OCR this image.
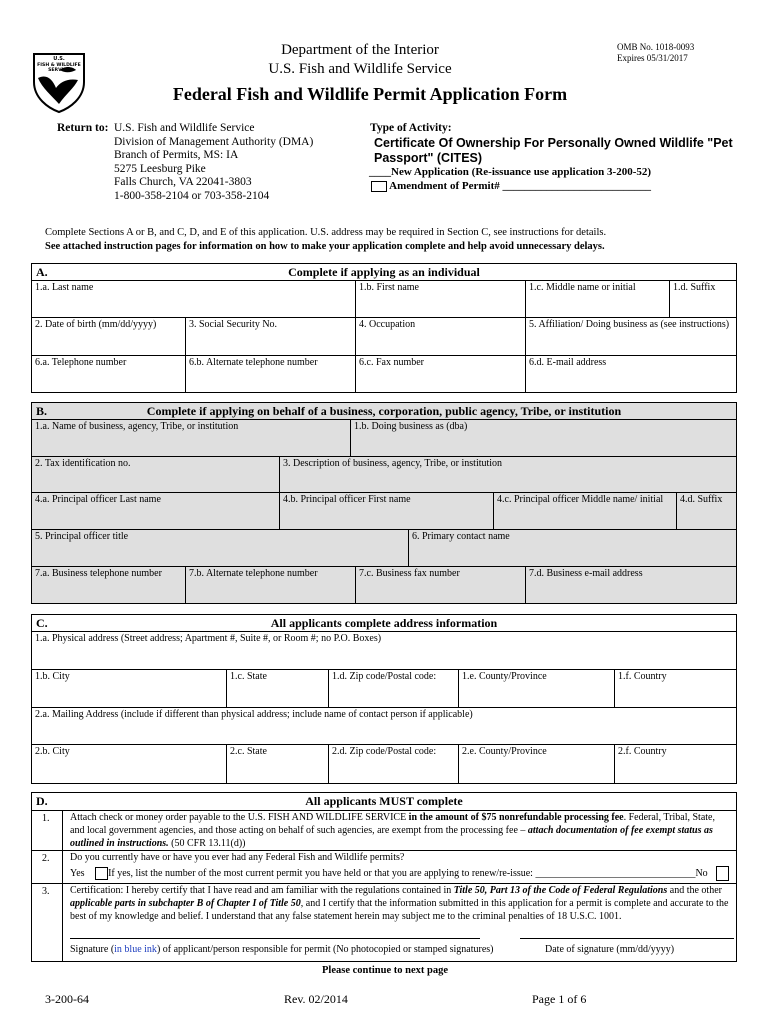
U.S.
FISH & WILDLIFE
SERVICE
Department of the Interior
U.S. Fish and Wildlife Service
OMB No. 1018-0093
Expires 05/31/2017
Federal Fish and Wildlife Permit Application Form
Return to: U.S. Fish and Wildlife Service
Division of Management Authority (DMA)
Branch of Permits, MS: IA
5275 Leesburg Pike
Falls Church, VA 22041-3803
1-800-358-2104 or 703-358-2104
Type of Activity:
Certificate Of Ownership For Personally Owned Wildlife "Pet
Passport" (CITES)
____New Application (Re-issuance use application 3-200-52)
Amendment of Permit# ___________________________
Complete Sections A or B, and C, D, and E of this application. U.S. address may be required in Section C, see instructions for details.
See attached instruction pages for information on how to make your application complete and help avoid unnecessary delays.
A.	Complete if applying as an individual
1.a. Last name	1.b. First name	1.c. Middle name or initial	1.d. Suffix
2. Date of birth (mm/dd/yyyy)	3. Social Security No.	4. Occupation	5. Affiliation/ Doing business as (see instructions)
6.a. Telephone number	6.b. Alternate telephone number	6.c. Fax number	6.d. E-mail address
B.	Complete if applying on behalf of a business, corporation, public agency, Tribe, or institution
1.a. Name of business, agency, Tribe, or institution	1.b. Doing business as (dba)
2. Tax identification no.	3. Description of business, agency, Tribe, or institution
4.a. Principal officer Last name	4.b. Principal officer First name	4.c. Principal officer Middle name/ initial	4.d. Suffix
5. Principal officer title	6. Primary contact name
7.a. Business telephone number	7.b. Alternate telephone number	7.c. Business fax number	7.d. Business e-mail address
C.	All applicants complete address information
1.a. Physical address (Street address; Apartment #, Suite #, or Room #; no P.O. Boxes)
1.b. City	1.c. State	1.d. Zip code/Postal code:	1.e. County/Province	1.f. Country
2.a. Mailing Address (include if different than physical address; include name of contact person if applicable)
2.b. City	2.c. State	2.d. Zip code/Postal code:	2.e. County/Province	2.f. Country
D.	All applicants MUST complete
1. Attach check or money order payable to the U.S. FISH AND WILDLIFE SERVICE in the amount of $75 nonrefundable processing fee. Federal, Tribal, State,
and local government agencies, and those acting on behalf of such agencies, are exempt from the processing fee – attach documentation of fee exempt status as
outlined in instructions. (50 CFR 13.11(d))
2. Do you currently have or have you ever had any Federal Fish and Wildlife permits?
Yes If yes, list the number of the most current permit you have held or that you are applying to renew/re-issue: ________________________________No
3. Certification: I hereby certify that I have read and am familiar with the regulations contained in Title 50, Part 13 of the Code of Federal Regulations and the other
applicable parts in subchapter B of Chapter I of Title 50, and I certify that the information submitted in this application for a permit is complete and accurate to the
best of my knowledge and belief. I understand that any false statement herein may subject me to the criminal penalties of 18 U.S.C. 1001.
Signature (in blue ink) of applicant/person responsible for permit (No photocopied or stamped signatures)	Date of signature (mm/dd/yyyy)
Please continue to next page
3-200-64	Rev. 02/2014	Page 1 of 6
